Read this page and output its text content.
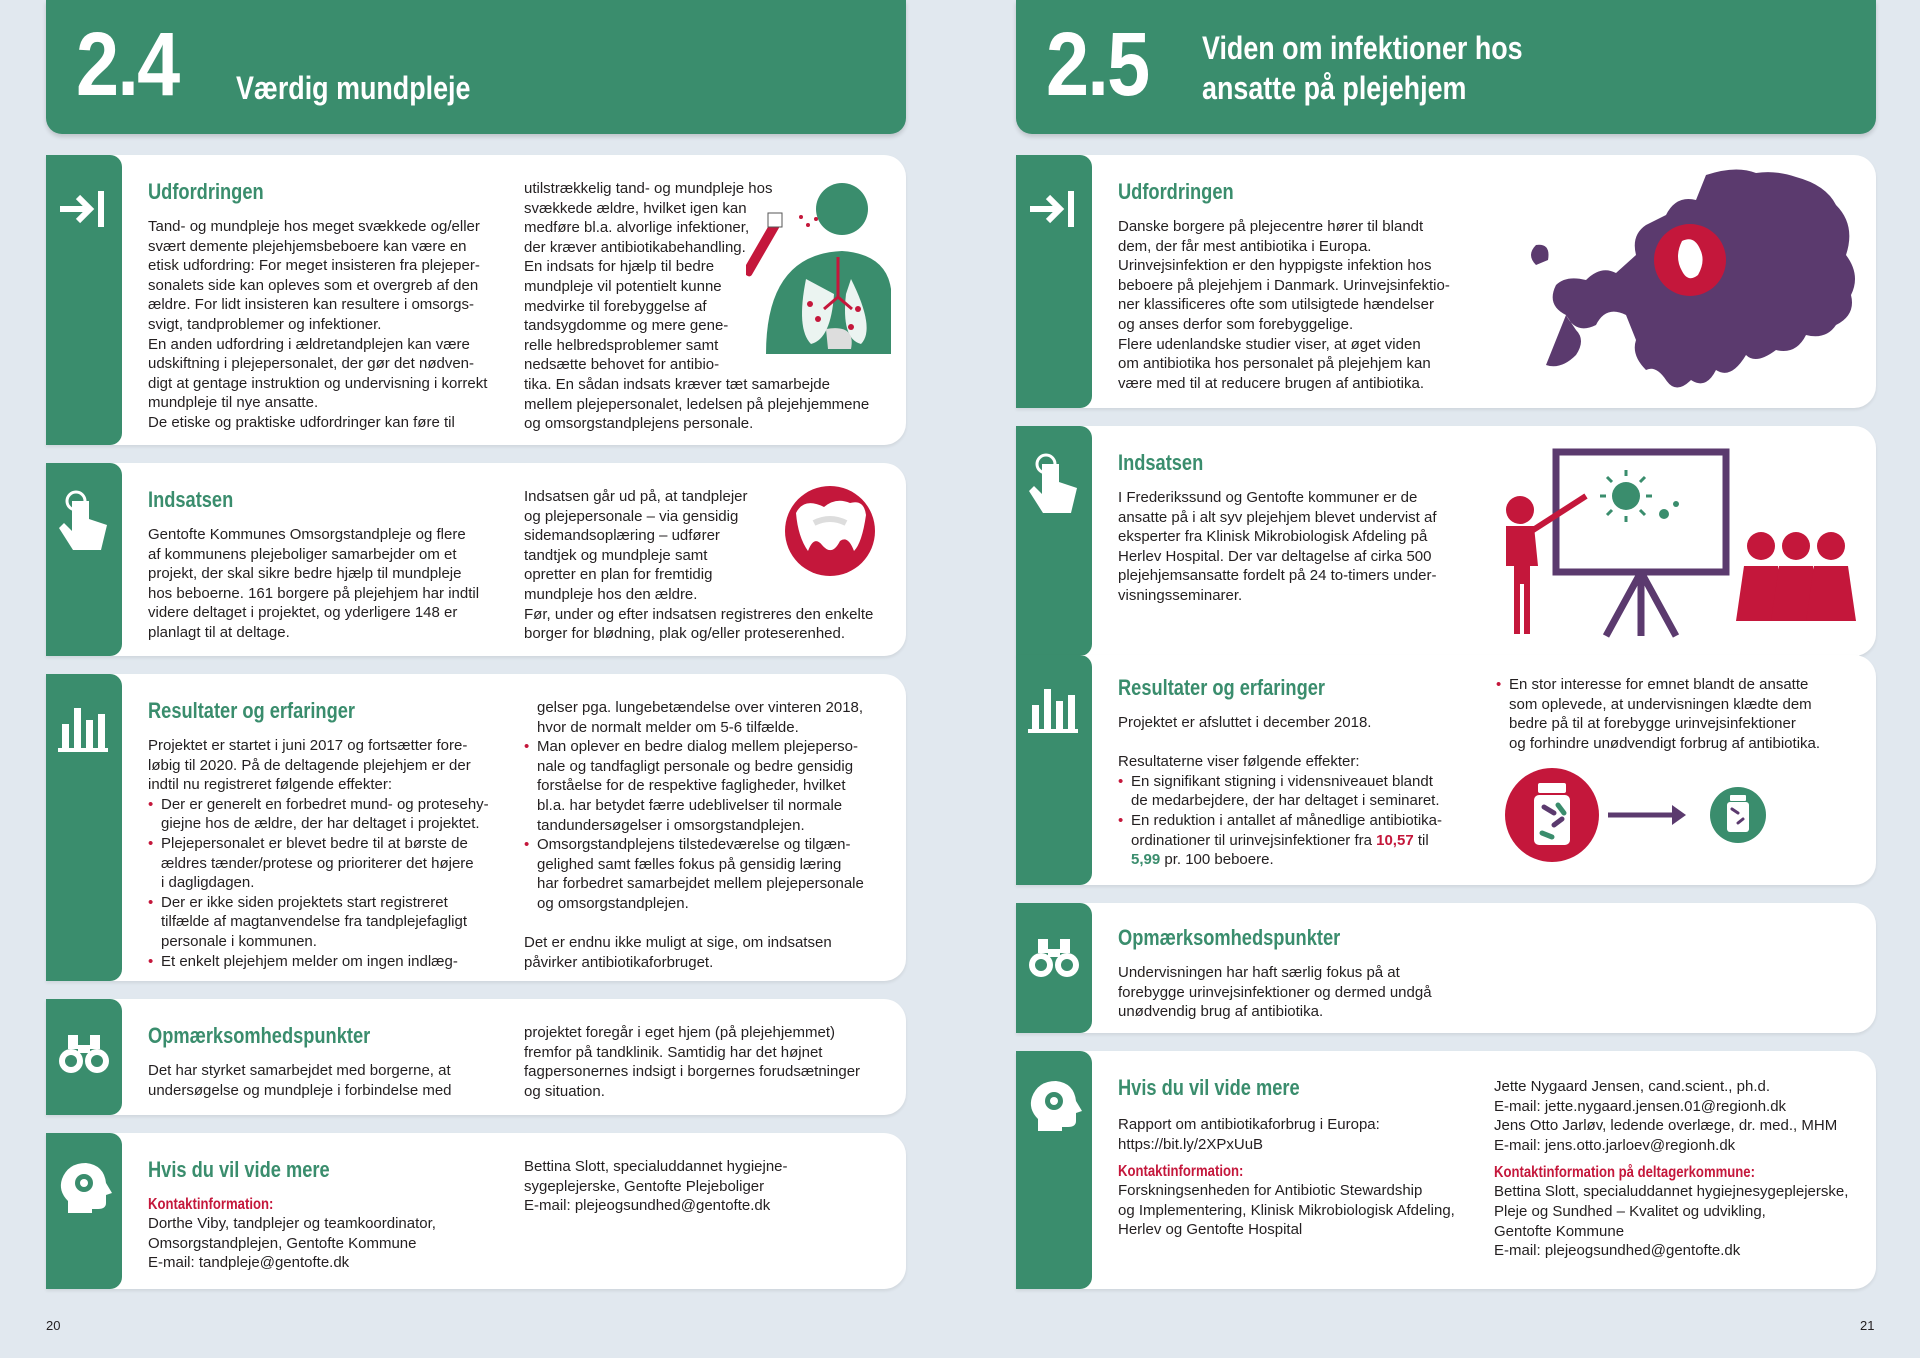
2.4 Værdig mundpleje
Udfordringen

Tand- og mundpleje hos meget svækkede og/eller

svært demente plejehjemsbeboere kan være en

etisk udfordring: For meget insisteren fra plejeper-

sonalets side kan opleves som et overgreb af den

ældre. For lidt insisteren kan resultere i omsorgs-

svigt, tandproblemer og infektioner.

En anden udfordring i ældretandplejen kan være

udskiftning i plejepersonalet, der gør det nødven-

digt at gentage instruktion og undervisning i korrekt

mundpleje til nye ansatte.

De etiske og praktiske udfordringer kan føre til

utilstrækkelig tand- og mundpleje hos

svækkede ældre, hvilket igen kan

medføre bl.a. alvorlige infektioner,

der kræver antibiotikabehandling.

En indsats for hjælp til bedre

mundpleje vil potentielt kunne

medvirke til forebyggelse af

tandsygdomme og mere gene-

relle helbredsproblemer samt

nedsætte behovet for antibio-

tika. En sådan indsats kræver tæt samarbejde

mellem plejepersonalet, ledelsen på plejehjemmene

og omsorgstandplejens personale.

Indsatsen

Gentofte Kommunes Omsorgstandpleje og flere

af kommunens plejeboliger samarbejder om et

projekt, der skal sikre bedre hjælp til mundpleje

hos beboerne. 161 borgere på plejehjem har indtil

videre deltaget i projektet, og yderligere 148 er

planlagt til at deltage.

Indsatsen går ud på, at tandplejer

og plejepersonale – via gensidig

sidemandsoplæring – udfører

tandtjek og mundpleje samt

opretter en plan for fremtidig

mundpleje hos den ældre.

Før, under og efter indsatsen registreres den enkelte

borger for blødning, plak og/eller proteserenhed.

Resultater og erfaringer

Projektet er startet i juni 2017 og fortsætter fore-

løbig til 2020. På de deltagende plejehjem er der

indtil nu registreret følgende effekter:

• Der er generelt en forbedret mund- og protesehy-
giejne hos de ældre, der har deltaget i projektet.
• Plejepersonalet er blevet bedre til at børste de
ældres tænder/protese og prioriterer det højere
i dagligdagen.
• Der er ikke siden projektets start registreret
tilfælde af magtanvendelse fra tandplejefagligt
personale i kommunen.
• Et enkelt plejehjem melder om ingen indlæg-
gelser pga. lungebetændelse over vinteren 2018,
hvor de normalt melder om 5-6 tilfælde.
• Man oplever en bedre dialog mellem plejeperso-
nale og tandfagligt personale og bedre gensidig
forståelse for de respektive fagligheder, hvilket
bl.a. har betydet færre udeblivelser til normale
tandundersøgelser i omsorgstandplejen.
• Omsorgstandplejens tilstedeværelse og tilgæn-
gelighed samt fælles fokus på gensidig læring
har forbedret samarbejdet mellem plejepersonale
og omsorgstandplejen.

Det er endnu ikke muligt at sige, om indsatsen

påvirker antibiotikaforbruget.

Opmærksomhedspunkter

Det har styrket samarbejdet med borgerne, at

undersøgelse og mundpleje i forbindelse med

projektet foregår i eget hjem (på plejehjemmet)

fremfor på tandklinik. Samtidig har det højnet

fagpersonernes indsigt i borgernes forudsætninger

og situation.

Hvis du vil vide mere
Kontaktinformation:

Dorthe Viby, tandplejer og teamkoordinator,

Omsorgstandplejen, Gentofte Kommune

E-mail: tandpleje@gentofte.dk

Bettina Slott, specialuddannet hygiejne-

sygeplejerske, Gentofte Plejeboliger

E-mail: plejeogsundhed@gentofte.dk

20
2.5 Viden om infektioner hos
ansatte på plejehjem
Udfordringen

Danske borgere på plejecentre hører til blandt

dem, der får mest antibiotika i Europa.

Urinvejsinfektion er den hyppigste infektion hos

beboere på plejehjem i Danmark. Urinvejsinfektio-

ner klassificeres ofte som utilsigtede hændelser

og anses derfor som forebyggelige.

Flere udenlandske studier viser, at øget viden

om antibiotika hos personalet på plejehjem kan

være med til at reducere brugen af antibiotika.

Indsatsen

I Frederikssund og Gentofte kommuner er de

ansatte på i alt syv plejehjem blevet undervist af

eksperter fra Klinisk Mikrobiologisk Afdeling på

Herlev Hospital. Der var deltagelse af cirka 500

plejehjemsansatte fordelt på 24 to-timers under-

visningsseminarer.

Resultater og erfaringer

Projektet er afsluttet i december 2018.

Resultaterne viser følgende effekter:

• En signifikant stigning i vidensniveauet blandt
de medarbejdere, der har deltaget i seminaret.
• En reduktion i antallet af månedlige antibiotika-
ordinationer til urinvejsinfektioner fra 10,57 til
5,99 pr. 100 beboere.
• En stor interesse for emnet blandt de ansatte
som oplevede, at undervisningen klædte dem
bedre på til at forebygge urinvejsinfektioner
og forhindre unødvendigt forbrug af antibiotika.
Opmærksomhedspunkter

Undervisningen har haft særlig fokus på at

forebygge urinvejsinfektioner og dermed undgå

unødvendig brug af antibiotika.

Hvis du vil vide mere

Rapport om antibiotikaforbrug i Europa:

https://bit.ly/2XPxUuB

Kontaktinformation:

Forskningsenheden for Antibiotic Stewardship

og Implementering, Klinisk Mikrobiologisk Afdeling,

Herlev og Gentofte Hospital

Jette Nygaard Jensen, cand.scient., ph.d.

E-mail: jette.nygaard.jensen.01@regionh.dk

Jens Otto Jarløv, ledende overlæge, dr. med., MHM

E-mail: jens.otto.jarloev@regionh.dk

Kontaktinformation på deltagerkommune:

Bettina Slott, specialuddannet hygiejnesygeplejerske,

Pleje og Sundhed – Kvalitet og udvikling,

Gentofte Kommune

E-mail: plejeogsundhed@gentofte.dk

21
